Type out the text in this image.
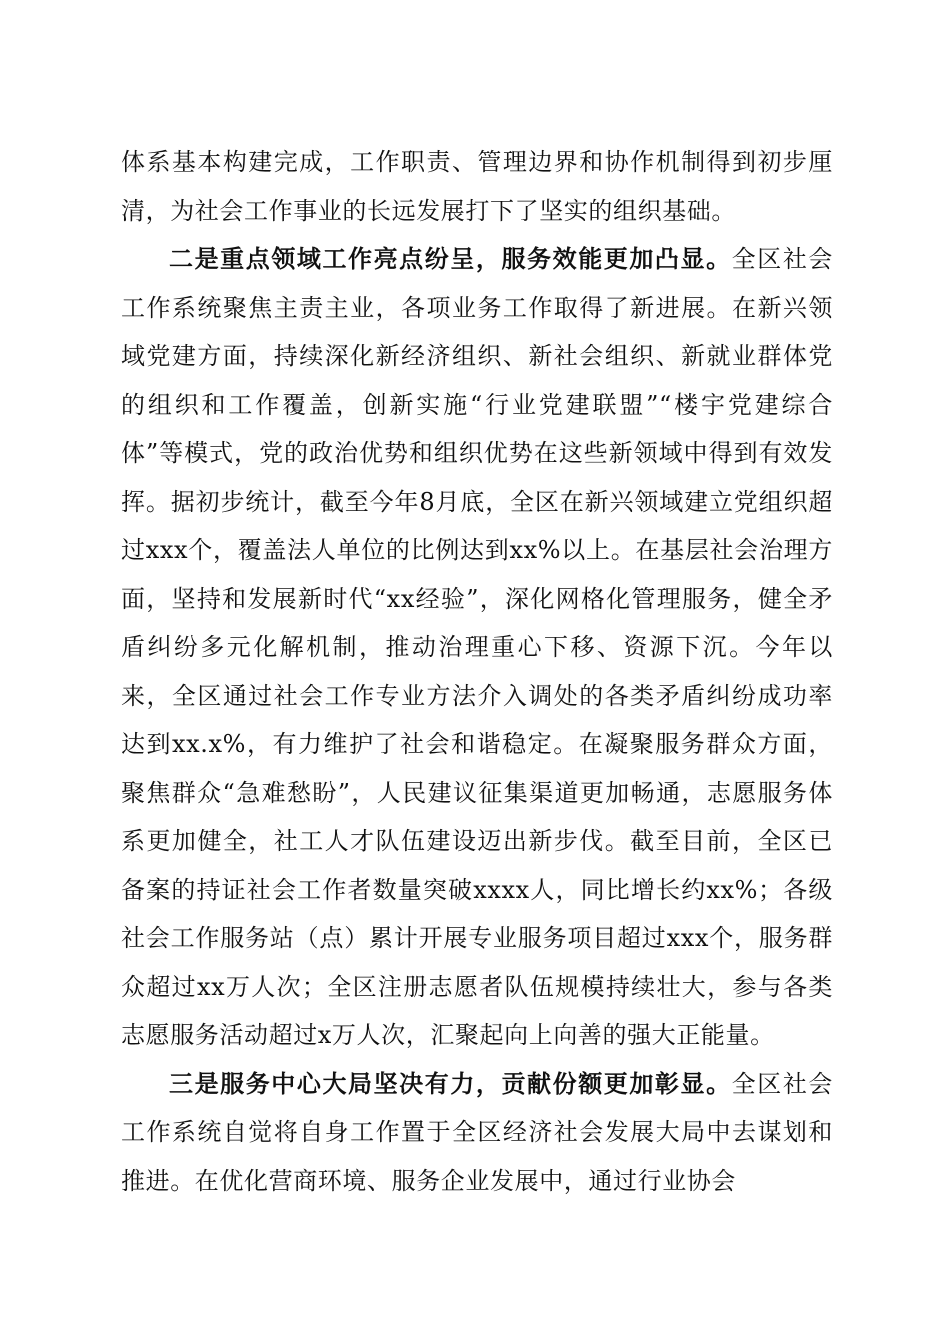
体系基本构建完成，工作职责、管理边界和协作机制得到初步厘清，为社会工作事业的长远发展打下了坚实的组织基础。

二是重点领域工作亮点纷呈，服务效能更加凸显。全区社会工作系统聚焦主责主业，各项业务工作取得了新进展。在新兴领域党建方面，持续深化新经济组织、新社会组织、新就业群体党的组织和工作覆盖，创新实施“行业党建联盟”“楼宇党建综合体”等模式，党的政治优势和组织优势在这些新领域中得到有效发挥。据初步统计，截至今年8月底，全区在新兴领域建立党组织超过xxx个，覆盖法人单位的比例达到xx%以上。在基层社会治理方面，坚持和发展新时代“xx经验”，深化网格化管理服务，健全矛盾纠纷多元化解机制，推动治理重心下移、资源下沉。今年以来，全区通过社会工作专业方法介入调处的各类矛盾纠纷成功率达到xx.x%，有力维护了社会和谐稳定。在凝聚服务群众方面，聚焦群众“急难愁盼”，人民建议征集渠道更加畅通，志愿服务体系更加健全，社工人才队伍建设迈出新步伐。截至目前，全区已备案的持证社会工作者数量突破xxxx人，同比增长约xx%；各级社会工作服务站（点）累计开展专业服务项目超过xxx个，服务群众超过xx万人次；全区注册志愿者队伍规模持续壮大，参与各类志愿服务活动超过x万人次，汇聚起向上向善的强大正能量。

三是服务中心大局坚决有力，贡献份额更加彰显。全区社会工作系统自觉将自身工作置于全区经济社会发展大局中去谋划和推进。在优化营商环境、服务企业发展中，通过行业协会
